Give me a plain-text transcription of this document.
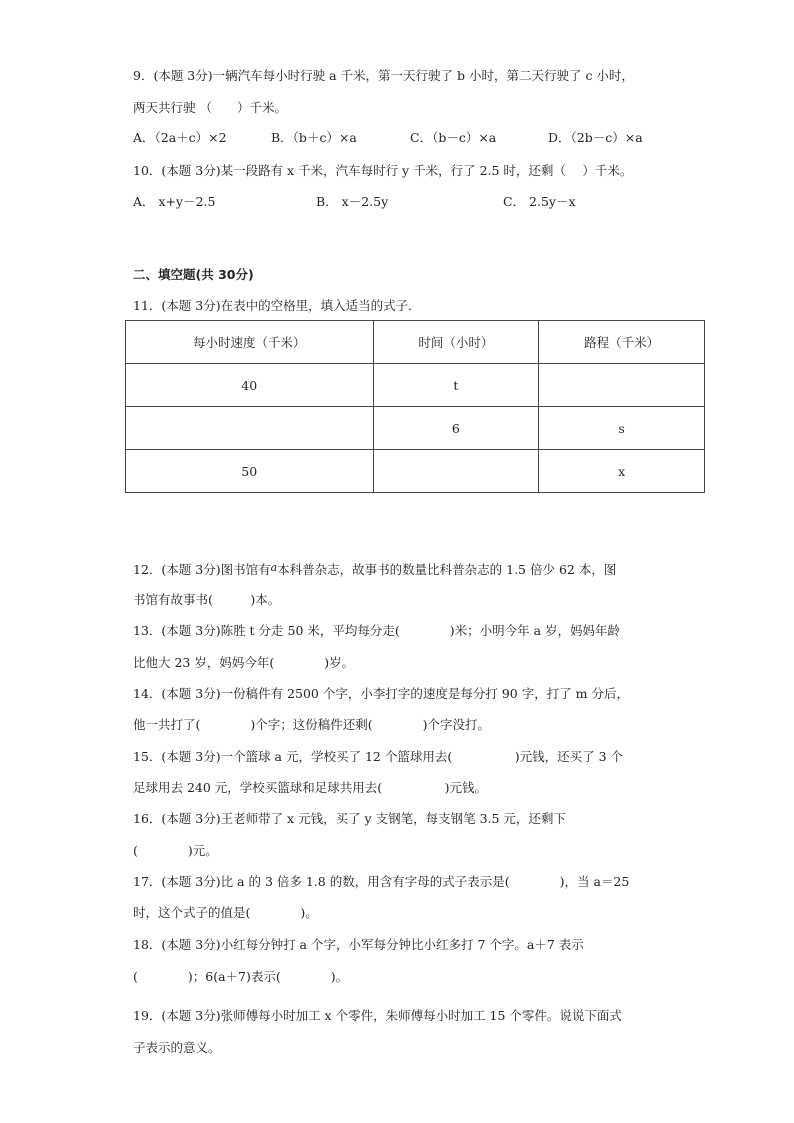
9．(本题 3分)一辆汽车每小时行驶 a 千米，第一天行驶了 b 小时，第二天行驶了 c 小时，
两天共行驶 （　　）千米。
A．（2a＋c）×2	B．（b＋c）×a	C．（b－c）×a	D．（2b－c）×a
10．(本题 3分)某一段路有 x 千米，汽车每时行 y 千米，行了 2.5 时，还剩（　 ）千米。
A． x+y－2.5	B． x－2.5y	C． 2.5y－x
二、填空题(共 30分)
11．(本题 3分)在表中的空格里，填入适当的式子．
每小时速度（千米）	时间（小时）	路程（千米）
40	t	
	6	s
50		x
12．(本题 3分)图书馆有a本科普杂志，故事书的数量比科普杂志的 1.5 倍少 62 本，图
书馆有故事书(　　　)本。
13．(本题 3分)陈胜 t 分走 50 米，平均每分走(　　　　)米；小明今年 a 岁，妈妈年龄
比他大 23 岁，妈妈今年(　　　　)岁。
14．(本题 3分)一份稿件有 2500 个字，小李打字的速度是每分打 90 字，打了 m 分后，
他一共打了(　　　　)个字；这份稿件还剩(　　　　)个字没打。
15．(本题 3分)一个篮球 a 元，学校买了 12 个篮球用去(　　　　　)元钱，还买了 3 个
足球用去 240 元，学校买篮球和足球共用去(　　　　　)元钱。
16．(本题 3分)王老师带了 x 元钱，买了 y 支钢笔，每支钢笔 3.5 元，还剩下
(　　　　)元。
17．(本题 3分)比 a 的 3 倍多 1.8 的数，用含有字母的式子表示是(　　　　)，当 a＝25
时，这个式子的值是(　　　　)。
18．(本题 3分)小红每分钟打 a 个字，小军每分钟比小红多打 7 个字。a＋7 表示
(　　　　)；6(a＋7)表示(　　　　)。
19．(本题 3分)张师傅每小时加工 x 个零件，朱师傅每小时加工 15 个零件。说说下面式
子表示的意义。
